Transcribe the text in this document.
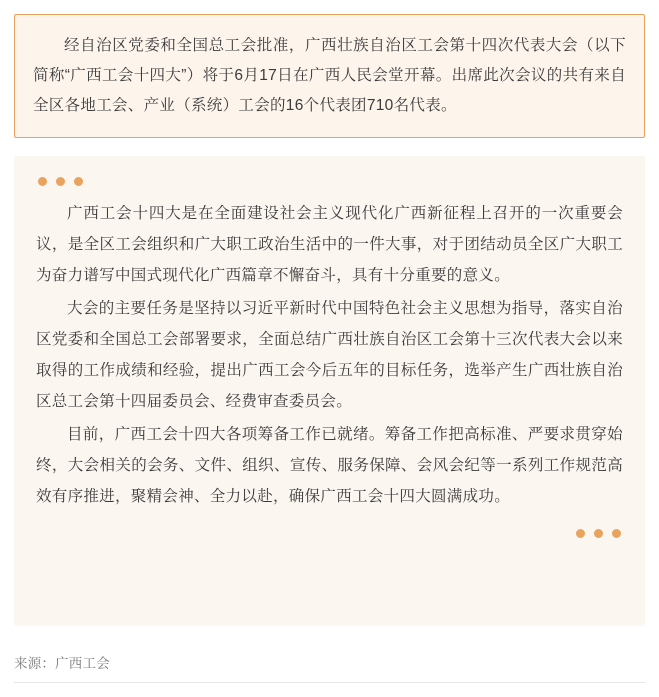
经自治区党委和全国总工会批准，广西壮族自治区工会第十四次代表大会（以下简称“广西工会十四大”）将于6月17日在广西人民会堂开幕。出席此次会议的共有来自全区各地工会、产业（系统）工会的16个代表团710名代表。

广西工会十四大是在全面建设社会主义现代化广西新征程上召开的一次重要会议，是全区工会组织和广大职工政治生活中的一件大事，对于团结动员全区广大职工为奋力谱写中国式现代化广西篇章不懈奋斗，具有十分重要的意义。

大会的主要任务是坚持以习近平新时代中国特色社会主义思想为指导，落实自治区党委和全国总工会部署要求，全面总结广西壮族自治区工会第十三次代表大会以来取得的工作成绩和经验，提出广西工会今后五年的目标任务，选举产生广西壮族自治区总工会第十四届委员会、经费审查委员会。

目前，广西工会十四大各项筹备工作已就绪。筹备工作把高标准、严要求贯穿始终，大会相关的会务、文件、组织、宣传、服务保障、会风会纪等一系列工作规范高效有序推进，聚精会神、全力以赴，确保广西工会十四大圆满成功。

来源：广西工会
